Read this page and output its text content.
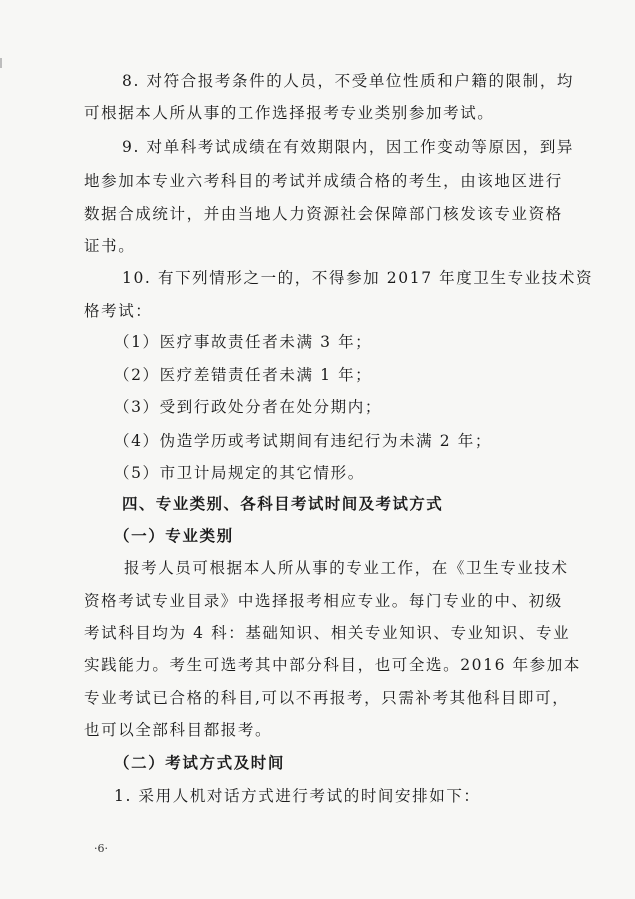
8. 对符合报考条件的人员，不受单位性质和户籍的限制，均
可根据本人所从事的工作选择报考专业类别参加考试。
9. 对单科考试成绩在有效期限内，因工作变动等原因，到异
地参加本专业六考科目的考试并成绩合格的考生，由该地区进行
数据合成统计，并由当地人力资源社会保障部门核发该专业资格
证书。
10. 有下列情形之一的，不得参加 2017 年度卫生专业技术资
格考试：
（1）医疗事故责任者未满 3 年；
（2）医疗差错责任者未满 1 年；
（3）受到行政处分者在处分期内；
（4）伪造学历或考试期间有违纪行为未满 2 年；
（5）市卫计局规定的其它情形。
四、专业类别、各科目考试时间及考试方式
（一）专业类别
报考人员可根据本人所从事的专业工作，在《卫生专业技术
资格考试专业目录》中选择报考相应专业。每门专业的中、初级
考试科目均为 4 科：基础知识、相关专业知识、专业知识、专业
实践能力。考生可选考其中部分科目，也可全选。2016 年参加本
专业考试已合格的科目,可以不再报考，只需补考其他科目即可，
也可以全部科目都报考。
（二）考试方式及时间
1. 采用人机对话方式进行考试的时间安排如下：
·6·
